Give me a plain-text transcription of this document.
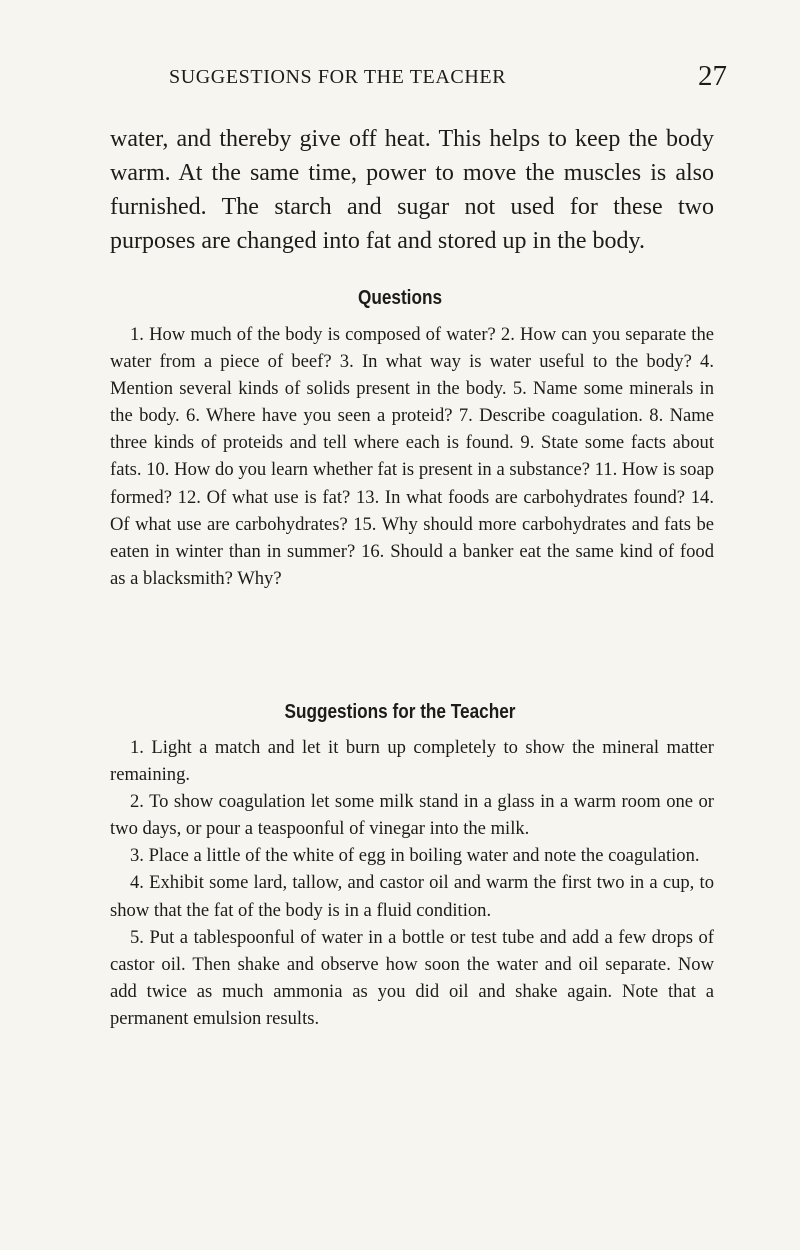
SUGGESTIONS FOR THE TEACHER	27

water, and thereby give off heat. This helps to keep the body warm. At the same time, power to move the muscles is also furnished. The starch and sugar not used for these two purposes are changed into fat and stored up in the body.

Questions

1. How much of the body is composed of water? 2. How can you separate the water from a piece of beef? 3. In what way is water useful to the body? 4. Mention several kinds of solids present in the body. 5. Name some minerals in the body. 6. Where have you seen a proteid? 7. Describe coagulation. 8. Name three kinds of proteids and tell where each is found. 9. State some facts about fats. 10. How do you learn whether fat is present in a substance? 11. How is soap formed? 12. Of what use is fat? 13. In what foods are carbohydrates found? 14. Of what use are carbohydrates? 15. Why should more carbohydrates and fats be eaten in winter than in summer? 16. Should a banker eat the same kind of food as a blacksmith? Why?

Suggestions for the Teacher

1. Light a match and let it burn up completely to show the mineral matter remaining.

2. To show coagulation let some milk stand in a glass in a warm room one or two days, or pour a teaspoonful of vinegar into the milk.

3. Place a little of the white of egg in boiling water and note the coagulation.

4. Exhibit some lard, tallow, and castor oil and warm the first two in a cup, to show that the fat of the body is in a fluid condition.

5. Put a tablespoonful of water in a bottle or test tube and add a few drops of castor oil. Then shake and observe how soon the water and oil separate. Now add twice as much ammonia as you did oil and shake again. Note that a permanent emulsion results.
